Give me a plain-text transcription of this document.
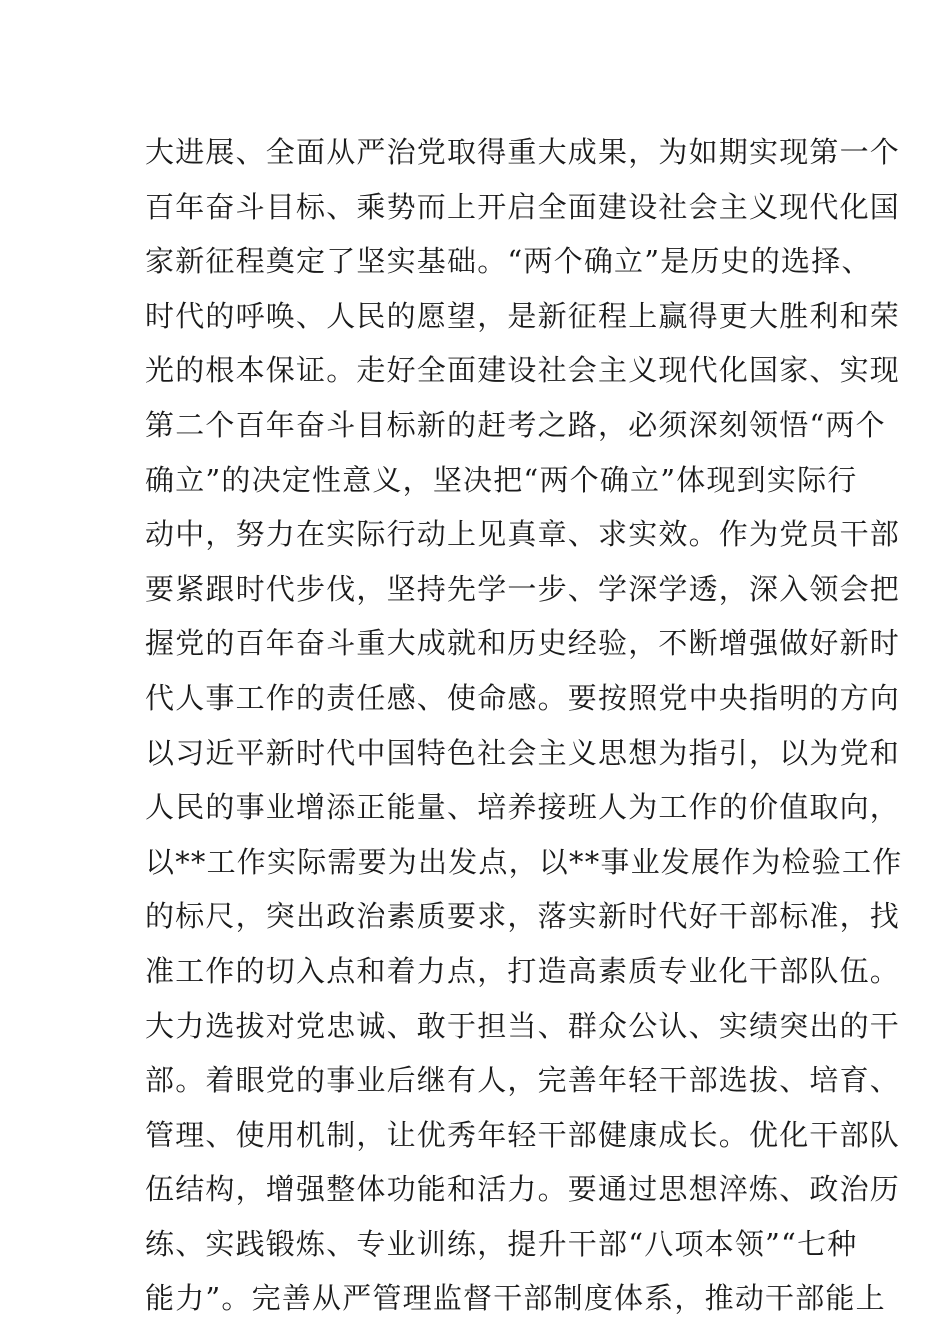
大进展、全面从严治党取得重大成果，为如期实现第一个
百年奋斗目标、乘势而上开启全面建设社会主义现代化国
家新征程奠定了坚实基础。“两个确立”是历史的选择、
时代的呼唤、人民的愿望，是新征程上赢得更大胜利和荣
光的根本保证。走好全面建设社会主义现代化国家、实现
第二个百年奋斗目标新的赶考之路，必须深刻领悟“两个
确立”的决定性意义，坚决把“两个确立”体现到实际行
动中，努力在实际行动上见真章、求实效。作为党员干部
要紧跟时代步伐，坚持先学一步、学深学透，深入领会把
握党的百年奋斗重大成就和历史经验，不断增强做好新时
代人事工作的责任感、使命感。要按照党中央指明的方向
以习近平新时代中国特色社会主义思想为指引，以为党和
人民的事业增添正能量、培养接班人为工作的价值取向，
以**工作实际需要为出发点，以**事业发展作为检验工作
的标尺，突出政治素质要求，落实新时代好干部标准，找
准工作的切入点和着力点，打造高素质专业化干部队伍。
大力选拔对党忠诚、敢于担当、群众公认、实绩突出的干
部。着眼党的事业后继有人，完善年轻干部选拔、培育、
管理、使用机制，让优秀年轻干部健康成长。优化干部队
伍结构，增强整体功能和活力。要通过思想淬炼、政治历
练、实践锻炼、专业训练，提升干部“八项本领”“七种
能力”。完善从严管理监督干部制度体系，推动干部能上
